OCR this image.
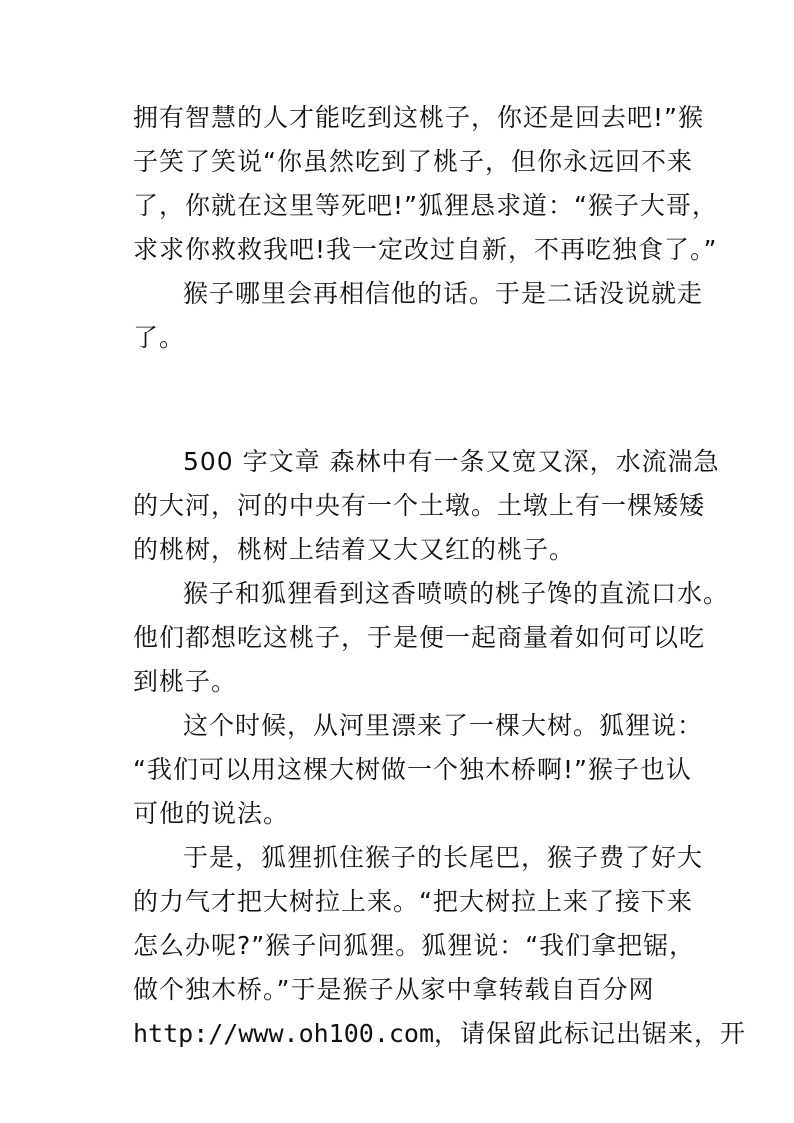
拥有智慧的人才能吃到这桃子，你还是回去吧!”猴
子笑了笑说“你虽然吃到了桃子，但你永远回不来
了，你就在这里等死吧!”狐狸恳求道：“猴子大哥，
求求你救救我吧!我一定改过自新，不再吃独食了。”
猴子哪里会再相信他的话。于是二话没说就走
了。
500 字文章 森林中有一条又宽又深，水流湍急
的大河，河的中央有一个土墩。土墩上有一棵矮矮
的桃树，桃树上结着又大又红的桃子。
猴子和狐狸看到这香喷喷的桃子馋的直流口水。
他们都想吃这桃子，于是便一起商量着如何可以吃
到桃子。
这个时候，从河里漂来了一棵大树。狐狸说：
“我们可以用这棵大树做一个独木桥啊!”猴子也认
可他的说法。
于是，狐狸抓住猴子的长尾巴，猴子费了好大
的力气才把大树拉上来。“把大树拉上来了接下来
怎么办呢?”猴子问狐狸。狐狸说：“我们拿把锯，
做个独木桥。”于是猴子从家中拿转载自百分网
http://www.oh100.com，请保留此标记出锯来，开
